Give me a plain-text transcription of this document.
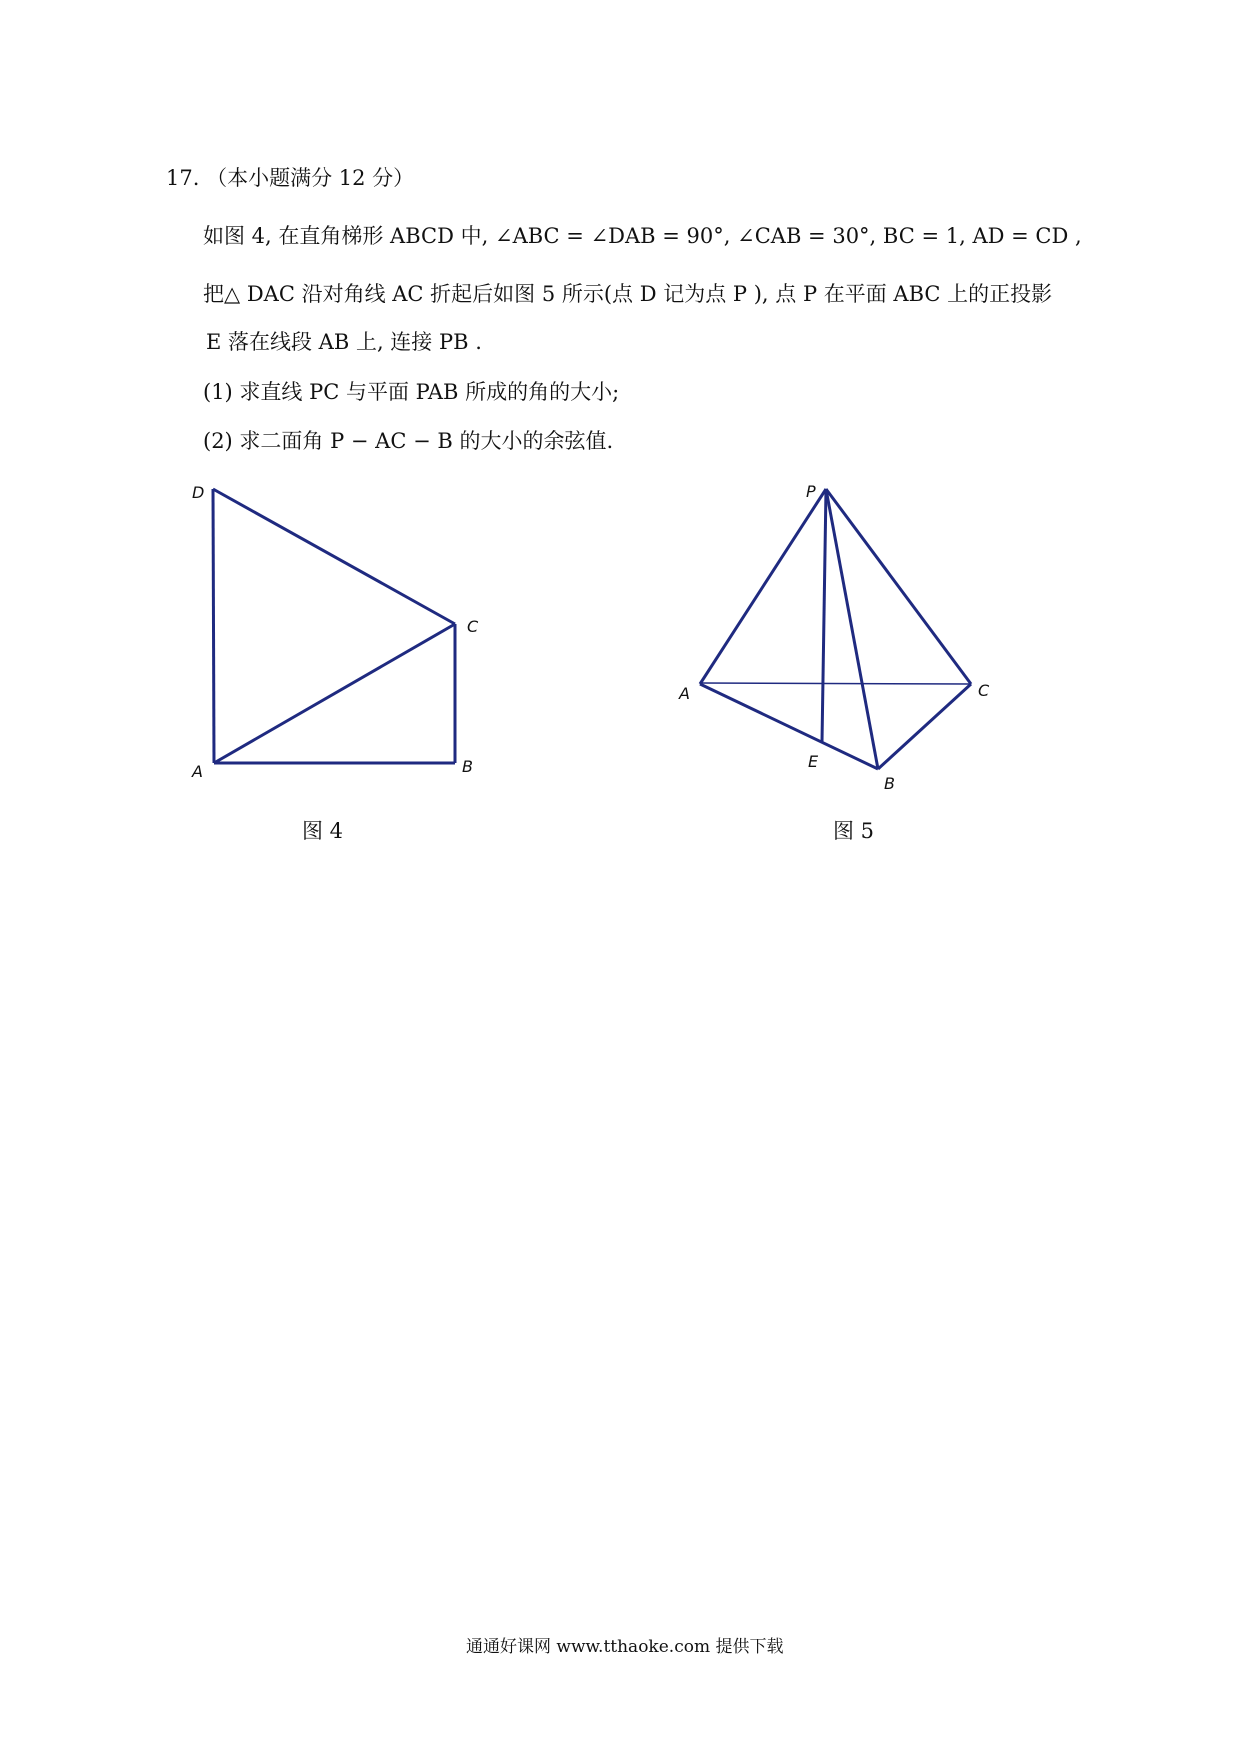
17. （本小题满分 12 分）
如图 4, 在直角梯形 ABCD 中, ∠ABC = ∠DAB = 90°, ∠CAB = 30°, BC = 1, AD = CD ,
把△ DAC 沿对角线 AC 折起后如图 5 所示(点 D 记为点 P ), 点 P 在平面 ABC 上的正投影
E 落在线段 AB 上, 连接 PB .
(1) 求直线 PC 与平面 PAB 所成的角的大小;
(2) 求二面角 P − AC − B 的大小的余弦值.
D
C
A	B
P
A	C
E
B
图 4	图 5
通通好课网 www.tthaoke.com 提供下载
